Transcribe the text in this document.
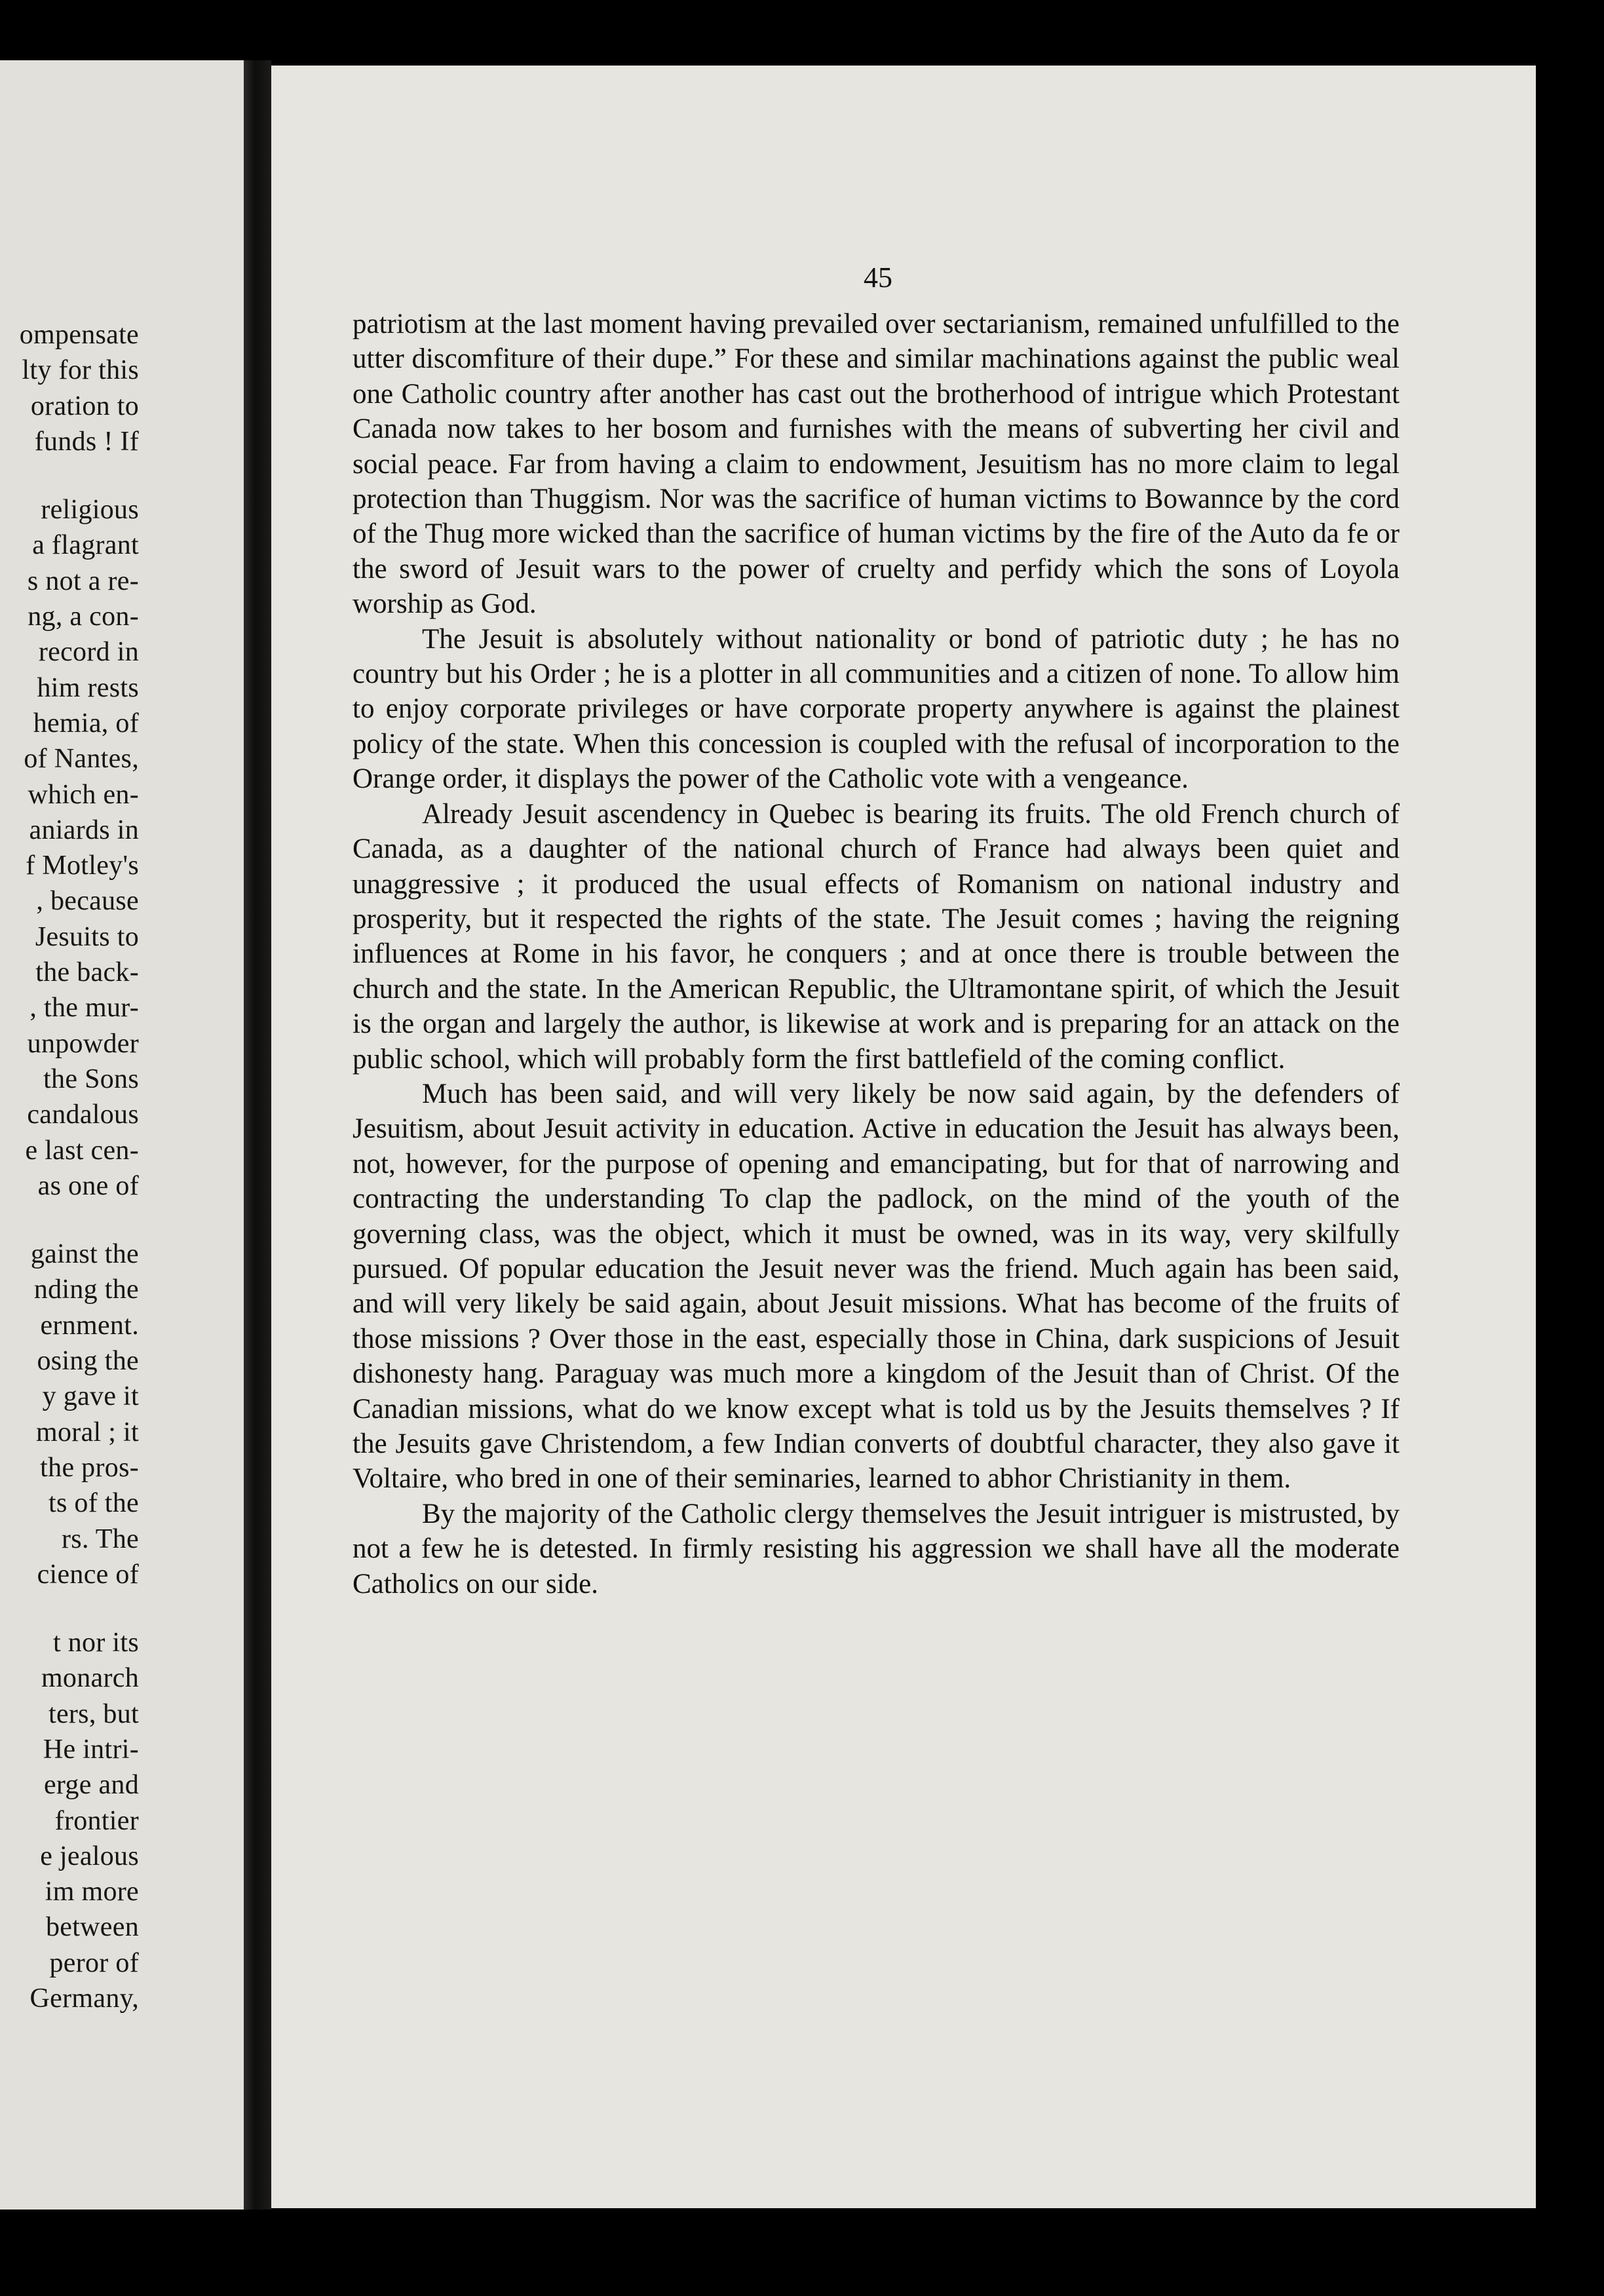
ompensate
lty for this
oration to
funds ! If
religious
a flagrant
s not a re-
ng, a con-
record in
him rests
hemia, of
of Nantes,
which en-
aniards in
f Motley's
, because
Jesuits to
the back-
, the mur-
unpowder
the Sons
candalous
e last cen-
as one of
gainst the
nding the
ernment.
osing the
y gave it
moral ; it
the pros-
ts of the
rs. The
cience of
t nor its
monarch
ters, but
He intri-
erge and
frontier
e jealous
im more
between
peror of
Germany,
45

patriotism at the last moment having prevailed over sectarianism, remained unfulfilled to the utter discomfiture of their dupe.” For these and similar machinations against the public weal one Catholic country after another has cast out the brotherhood of intrigue which Protestant Canada now takes to her bosom and furnishes with the means of subverting her civil and social peace. Far from having a claim to endowment, Jesuitism has no more claim to legal protection than Thuggism. Nor was the sacrifice of human victims to Bowannce by the cord of the Thug more wicked than the sacrifice of human victims by the fire of the Auto da fe or the sword of Jesuit wars to the power of cruelty and perfidy which the sons of Loyola worship as God.

The Jesuit is absolutely without nationality or bond of patriotic duty ; he has no country but his Order ; he is a plotter in all communities and a citizen of none. To allow him to enjoy corporate privileges or have corporate property anywhere is against the plainest policy of the state. When this concession is coupled with the refusal of incorporation to the Orange order, it displays the power of the Catholic vote with a vengeance.

Already Jesuit ascendency in Quebec is bearing its fruits. The old French church of Canada, as a daughter of the national church of France had always been quiet and unaggressive ; it produced the usual effects of Romanism on national industry and prosperity, but it respected the rights of the state. The Jesuit comes ; having the reigning influences at Rome in his favor, he conquers ; and at once there is trouble between the church and the state. In the American Republic, the Ultramontane spirit, of which the Jesuit is the organ and largely the author, is likewise at work and is preparing for an attack on the public school, which will probably form the first battlefield of the coming conflict.

Much has been said, and will very likely be now said again, by the defenders of Jesuitism, about Jesuit activity in education. Active in education the Jesuit has always been, not, however, for the purpose of opening and emancipating, but for that of narrowing and contracting the understanding To clap the padlock, on the mind of the youth of the governing class, was the object, which it must be owned, was in its way, very skilfully pursued. Of popular education the Jesuit never was the friend. Much again has been said, and will very likely be said again, about Jesuit missions. What has become of the fruits of those missions ? Over those in the east, especially those in China, dark suspicions of Jesuit dishonesty hang. Paraguay was much more a kingdom of the Jesuit than of Christ. Of the Canadian missions, what do we know except what is told us by the Jesuits themselves ? If the Jesuits gave Christendom, a few Indian converts of doubtful character, they also gave it Voltaire, who bred in one of their seminaries, learned to abhor Christianity in them.

By the majority of the Catholic clergy themselves the Jesuit intriguer is mistrusted, by not a few he is detested. In firmly resisting his aggression we shall have all the moderate Catholics on our side.
